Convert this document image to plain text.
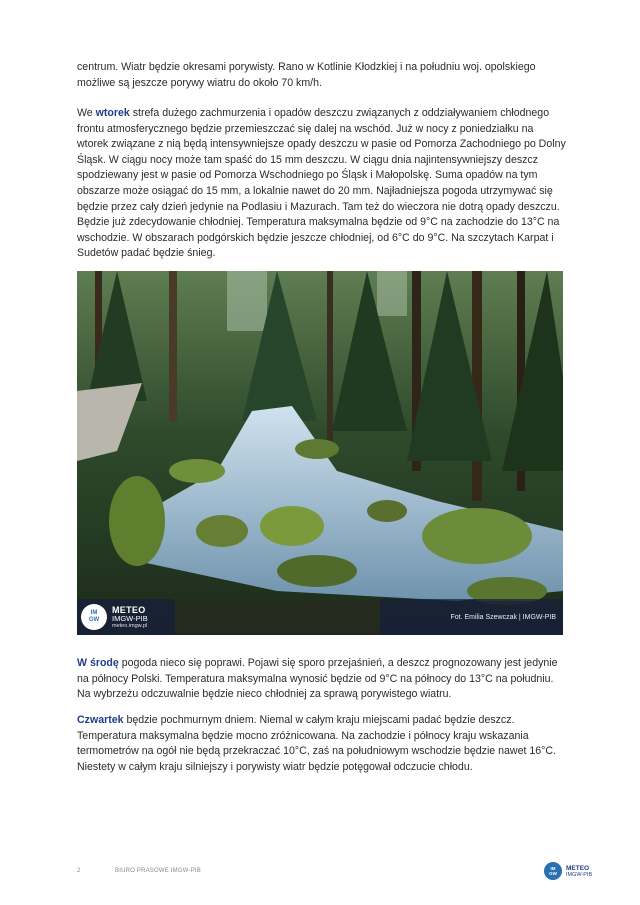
centrum. Wiatr będzie okresami porywisty. Rano w Kotlinie Kłodzkiej i na południu woj. opolskiego możliwe są jeszcze porywy wiatru do około 70 km/h.

We wtorek strefa dużego zachmurzenia i opadów deszczu związanych z oddziaływaniem chłodnego frontu atmosferycznego będzie przemieszczać się dalej na wschód. Już w nocy z poniedziałku na wtorek związane z nią będą intensywniejsze opady deszczu w pasie od Pomorza Zachodniego po Dolny Śląsk. W ciągu nocy może tam spaść do 15 mm deszczu. W ciągu dnia najintensywniejszy deszcz spodziewany jest w pasie od Pomorza Wschodniego po Śląsk i Małopolskę. Suma opadów na tym obszarze może osiągać do 15 mm, a lokalnie nawet do 20 mm. Najładniejsza pogoda utrzymywać się będzie przez cały dzień jedynie na Podlasiu i Mazurach. Tam też do wieczora nie dotrą opady deszczu. Będzie już zdecydowanie chłodniej. Temperatura maksymalna będzie od 9°C na zachodzie do 13°C na wschodzie. W obszarach podgórskich będzie jeszcze chłodniej, od 6°C do 9°C. Na szczytach Karpat i Sudetów padać będzie śnieg.

IM
GW
METEO
IMGW-PIB
meteo.imgw.pl
Fot. Emilia Szewczak | IMGW-PIB

W środę pogoda nieco się poprawi. Pojawi się sporo przejaśnień, a deszcz prognozowany jest jedynie na północy Polski. Temperatura maksymalna wynosić będzie od 9°C na północy do 13°C na południu. Na wybrzeżu odczuwalnie będzie nieco chłodniej za sprawą porywistego wiatru.

Czwartek będzie pochmurnym dniem. Niemal w całym kraju miejscami padać będzie deszcz. Temperatura maksymalna będzie mocno zróżnicowana. Na zachodzie i północy kraju wskazania termometrów na ogół nie będą przekraczać 10°C, zaś na południowym wschodzie będzie nawet 16°C. Niestety w całym kraju silniejszy i porywisty wiatr będzie potęgował odczucie chłodu.

2	BIURO PRASOWE IMGW-PIB	IM
GW
METEO
IMGW-PIB
